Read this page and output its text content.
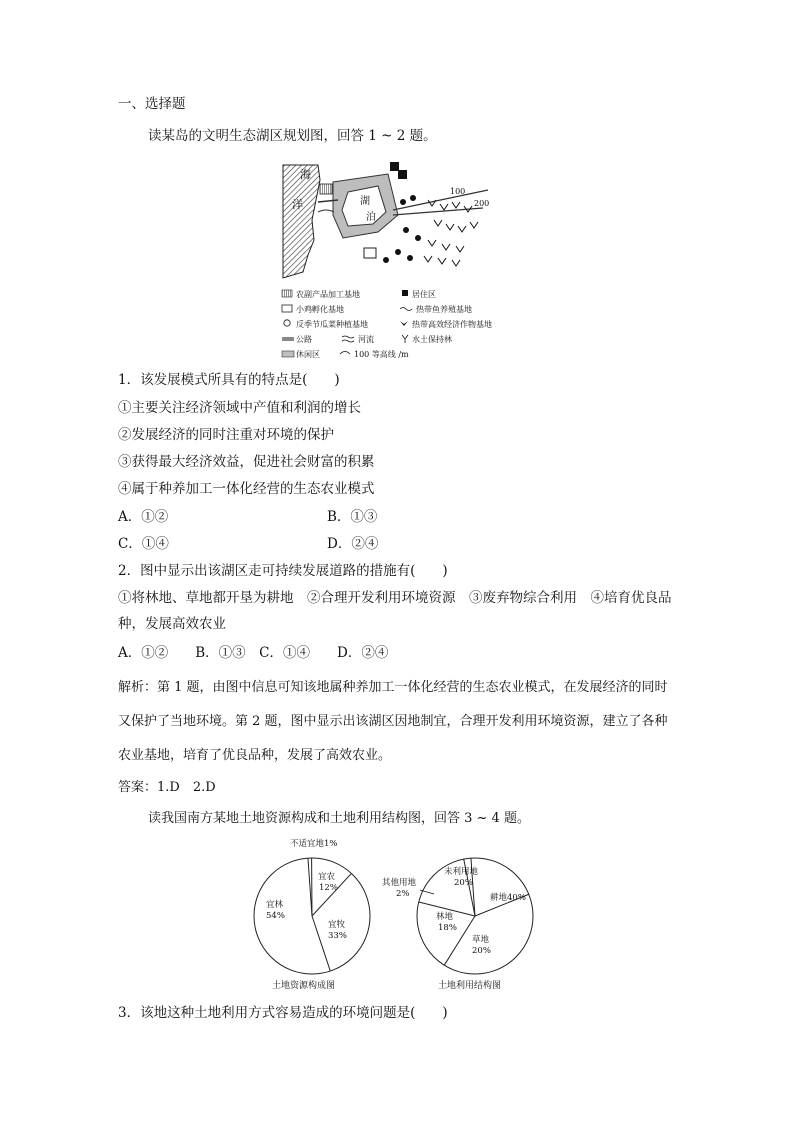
一、选择题
读某岛的文明生态湖区规划图，回答 1 ~ 2 题。
海
洋	湖
泊
100
200
农副产品加工基地	居住区
小鸡孵化基地	热带鱼养殖基地
反季节瓜菜种植基地	热带高效经济作物基地
公路	河流	水土保持林
休闲区	100 等高线 /m
1．该发展模式所具有的特点是(　　)
①主要关注经济领域中产值和利润的增长
②发展经济的同时注重对环境的保护
③获得最大经济效益，促进社会财富的积累
④属于种养加工一体化经营的生态农业模式
A．①②	B．①③
C．①④	D．②④
2．图中显示出该湖区走可持续发展道路的措施有(　　)
①将林地、草地都开垦为耕地　②合理开发利用环境资源　③废弃物综合利用　④培育优良品种，发展高效农业
A．①②　　B．①③　C．①④　　D．②④
解析：第 1 题，由图中信息可知该地属种养加工一体化经营的生态农业模式，在发展经济的同时又保护了当地环境。第 2 题，图中显示出该湖区因地制宜，合理开发利用环境资源，建立了各种农业基地，培育了优良品种，发展了高效农业。
答案：1.D　2.D
读我国南方某地土地资源构成和土地利用结构图，回答 3 ~ 4 题。
不适宜地1%
宜农
12%
宜牧
33%
宜林
54%
土地资源构成图
未利用地
20%
耕地40%
草地
20%
林地
18%
其他用地
2%
土地利用结构图
3．该地这种土地利用方式容易造成的环境问题是(　　)
